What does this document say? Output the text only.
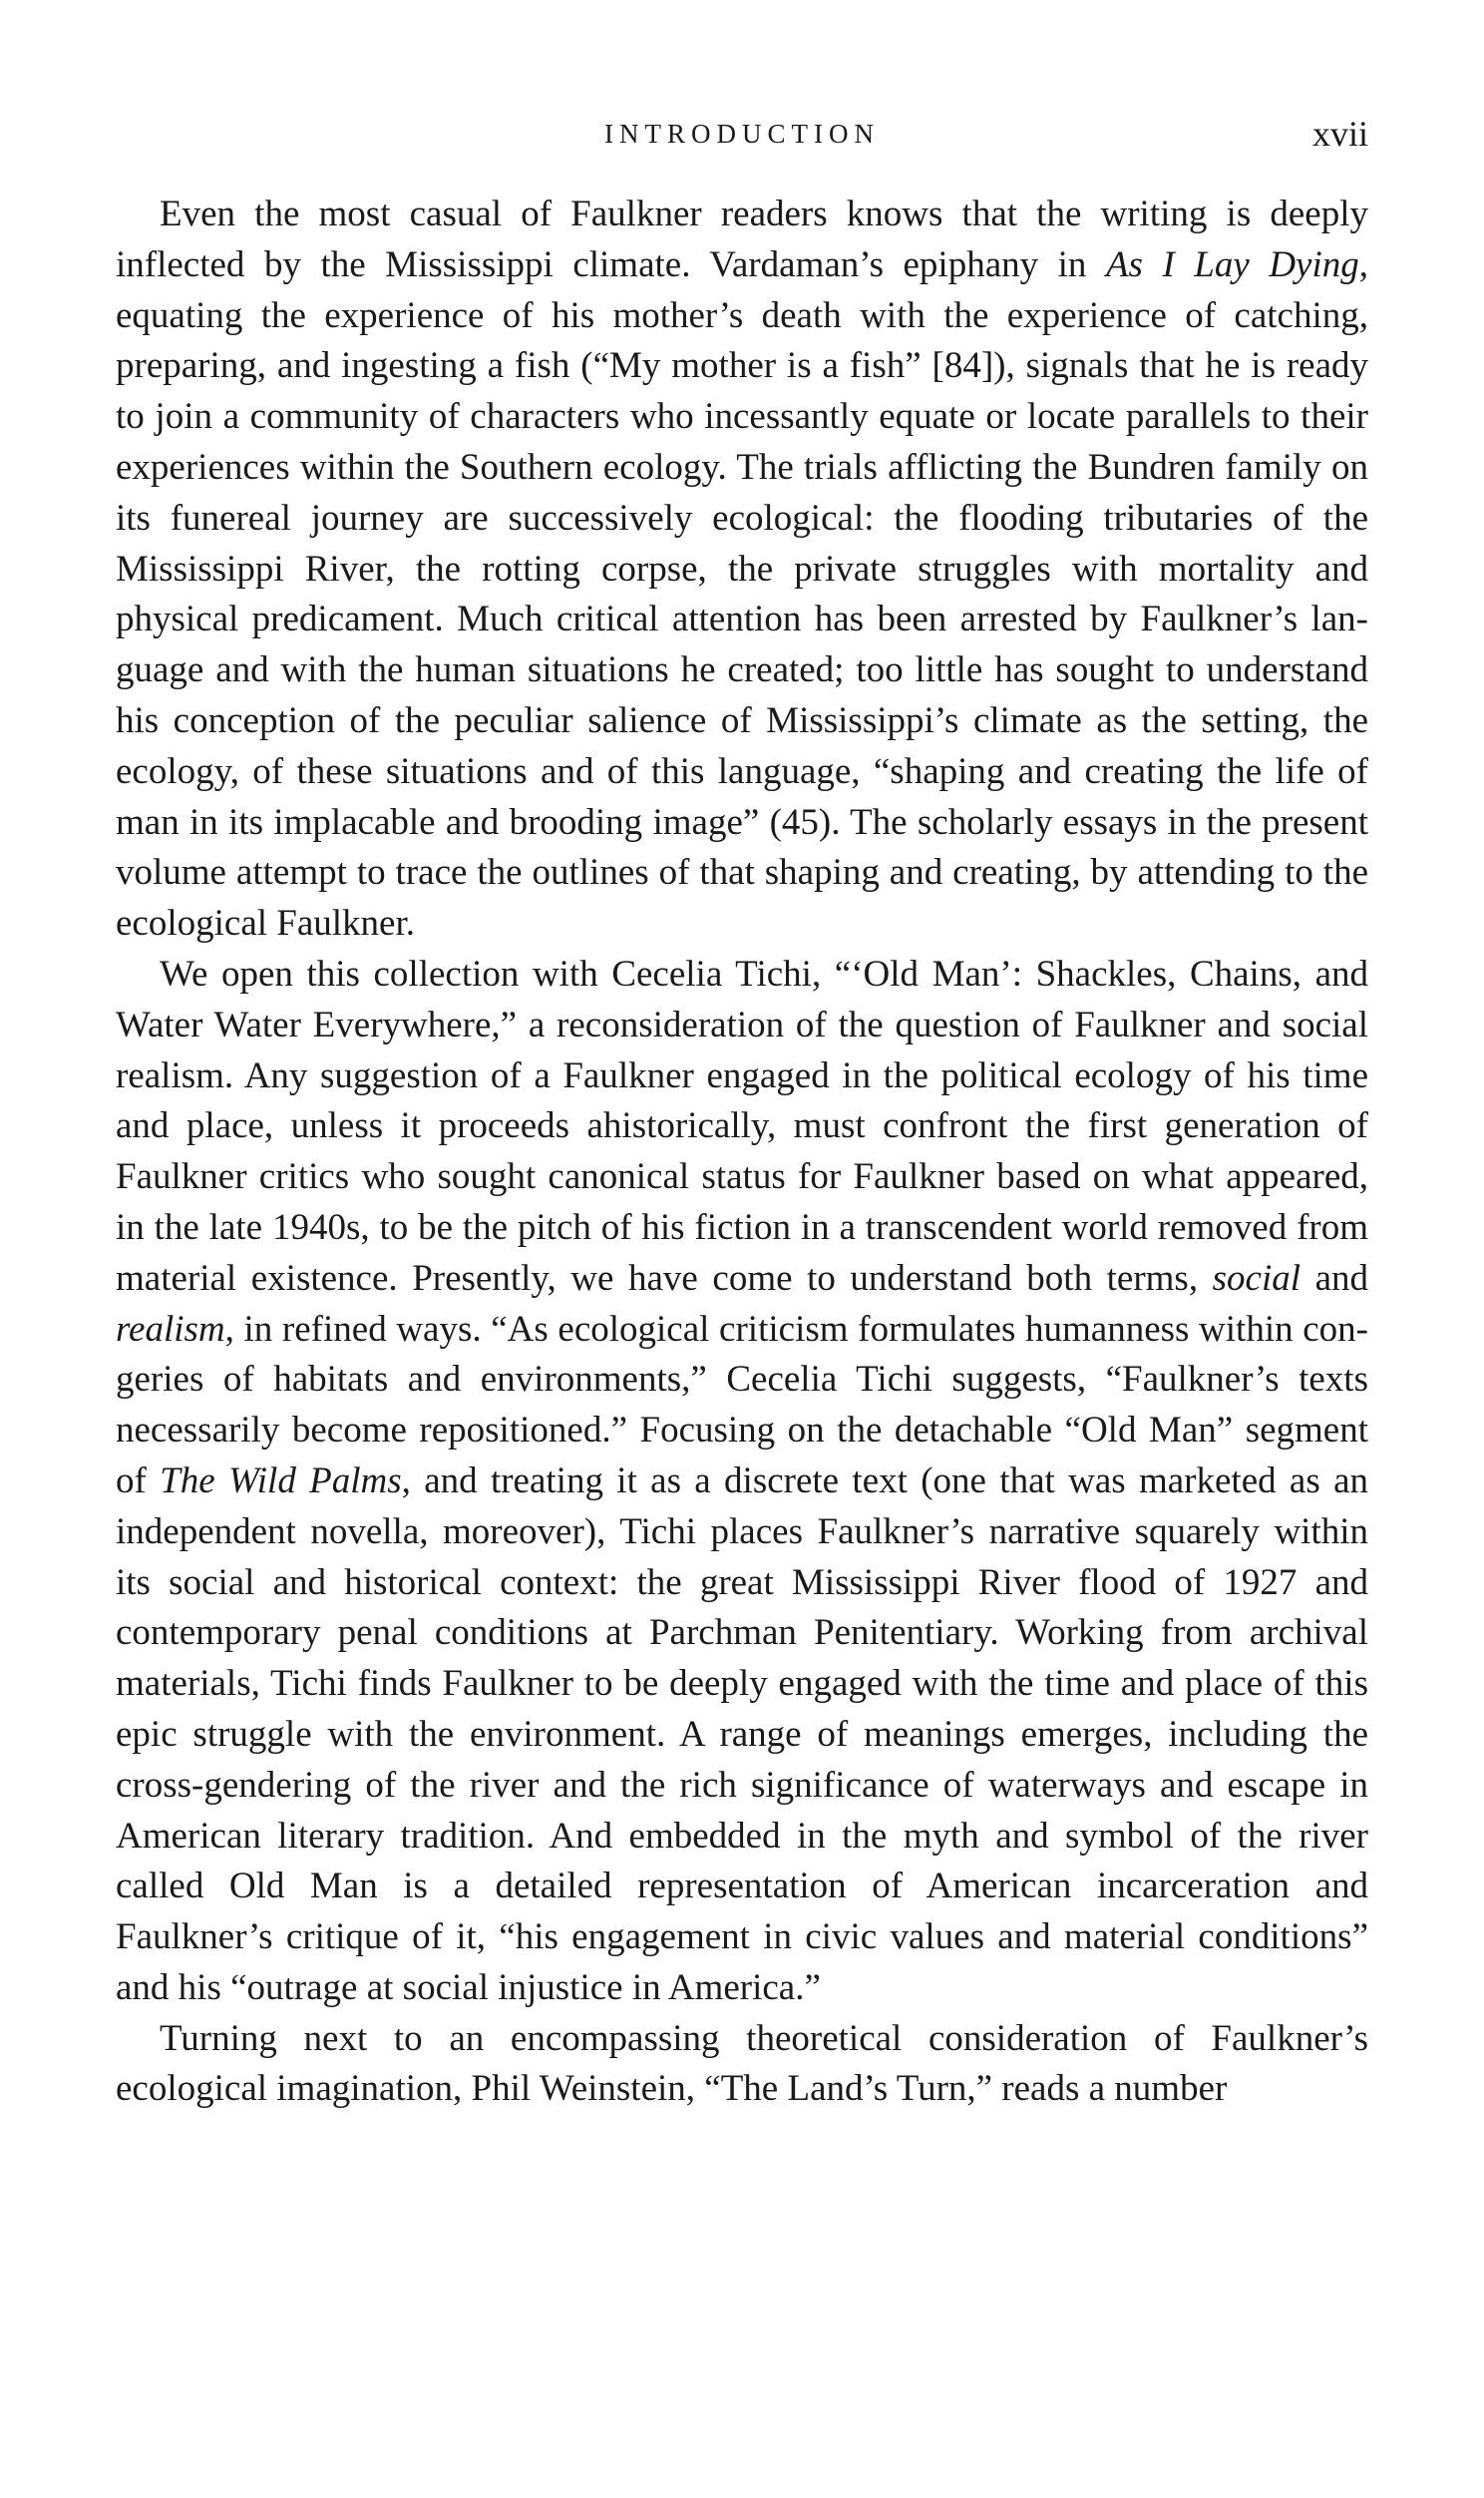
INTRODUCTION	xvii

Even the most casual of Faulkner readers knows that the writing is deeply inflected by the Mississippi climate. Vardaman’s epiphany in As I Lay Dying, equating the experience of his mother’s death with the experience of catching, preparing, and ingesting a fish (“My mother is a fish” [84]), signals that he is ready to join a community of characters who incessantly equate or locate parallels to their experiences within the Southern ecology. The trials afflicting the Bundren family on its funereal journey are successively ecological: the flooding tributaries of the Mississippi River, the rotting corpse, the private struggles with mortality and physical predicament. Much critical attention has been arrested by Faulkner’s language and with the human situations he created; too little has sought to understand his conception of the peculiar salience of Mississippi’s climate as the setting, the ecology, of these situations and of this language, “shaping and creating the life of man in its implacable and brooding image” (45). The scholarly essays in the present volume attempt to trace the outlines of that shaping and creating, by attending to the ecological Faulkner.

We open this collection with Cecelia Tichi, “‘Old Man’: Shackles, Chains, and Water Water Everywhere,” a reconsideration of the question of Faulkner and social realism. Any suggestion of a Faulkner engaged in the political ecology of his time and place, unless it proceeds ahistorically, must confront the first generation of Faulkner critics who sought canonical status for Faulkner based on what appeared, in the late 1940s, to be the pitch of his fiction in a transcendent world removed from material existence. Presently, we have come to understand both terms, social and realism, in refined ways. “As ecological criticism formulates humanness within congeries of habitats and environments,” Cecelia Tichi suggests, “Faulkner’s texts necessarily become repositioned.” Focusing on the detachable “Old Man” segment of The Wild Palms, and treating it as a discrete text (one that was marketed as an independent novella, moreover), Tichi places Faulkner’s narrative squarely within its social and historical context: the great Mississippi River flood of 1927 and contemporary penal conditions at Parchman Penitentiary. Working from archival materials, Tichi finds Faulkner to be deeply engaged with the time and place of this epic struggle with the environment. A range of meanings emerges, including the cross-gendering of the river and the rich significance of waterways and escape in American literary tradition. And embedded in the myth and symbol of the river called Old Man is a detailed representation of American incarceration and Faulkner’s critique of it, “his engagement in civic values and material conditions” and his “outrage at social injustice in America.”

Turning next to an encompassing theoretical consideration of Faulkner’s ecological imagination, Phil Weinstein, “The Land’s Turn,” reads a number
